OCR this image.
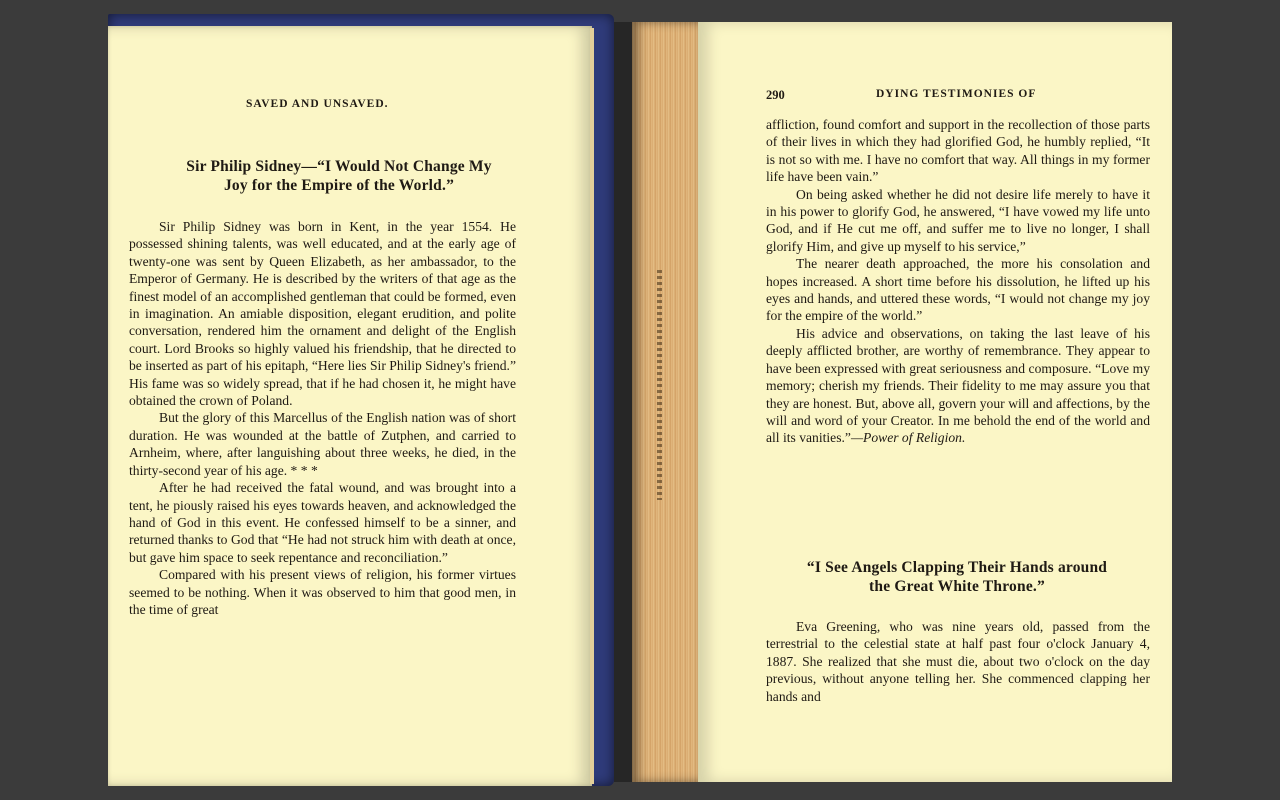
SAVED AND UNSAVED.
Sir Philip Sidney—“I Would Not Change My
Joy for the Empire of the World.”

Sir Philip Sidney was born in Kent, in the year 1554. He possessed shining talents, was well educated, and at the early age of twenty-one was sent by Queen Elizabeth, as her ambassador, to the Emperor of Germany. He is described by the writers of that age as the finest model of an accomplished gentleman that could be formed, even in imagination. An amiable disposition, elegant erudition, and polite conversation, rendered him the ornament and delight of the English court. Lord Brooks so highly valued his friendship, that he directed to be inserted as part of his epitaph, “Here lies Sir Philip Sidney's friend.” His fame was so widely spread, that if he had chosen it, he might have obtained the crown of Poland.

But the glory of this Marcellus of the English nation was of short duration. He was wounded at the battle of Zutphen, and carried to Arnheim, where, after languishing about three weeks, he died, in the thirty-second year of his age. * * *

After he had received the fatal wound, and was brought into a tent, he piously raised his eyes towards heaven, and acknowledged the hand of God in this event. He confessed himself to be a sinner, and returned thanks to God that “He had not struck him with death at once, but gave him space to seek repentance and reconciliation.”

Compared with his present views of religion, his former virtues seemed to be nothing. When it was observed to him that good men, in the time of great

290	DYING TESTIMONIES OF

affliction, found comfort and support in the recollection of those parts of their lives in which they had glorified God, he humbly replied, “It is not so with me. I have no comfort that way. All things in my former life have been vain.”

On being asked whether he did not desire life merely to have it in his power to glorify God, he answered, “I have vowed my life unto God, and if He cut me off, and suffer me to live no longer, I shall glorify Him, and give up myself to his service,”

The nearer death approached, the more his consolation and hopes increased. A short time before his dissolution, he lifted up his eyes and hands, and uttered these words, “I would not change my joy for the empire of the world.”

His advice and observations, on taking the last leave of his deeply afflicted brother, are worthy of remembrance. They appear to have been expressed with great seriousness and composure. “Love my memory; cherish my friends. Their fidelity to me may assure you that they are honest. But, above all, govern your will and affections, by the will and word of your Creator. In me behold the end of the world and all its vanities.”—Power of Religion.

“I See Angels Clapping Their Hands around
the Great White Throne.”

Eva Greening, who was nine years old, passed from the terrestrial to the celestial state at half past four o'clock January 4, 1887. She realized that she must die, about two o'clock on the day previous, without anyone telling her. She commenced clapping her hands and
